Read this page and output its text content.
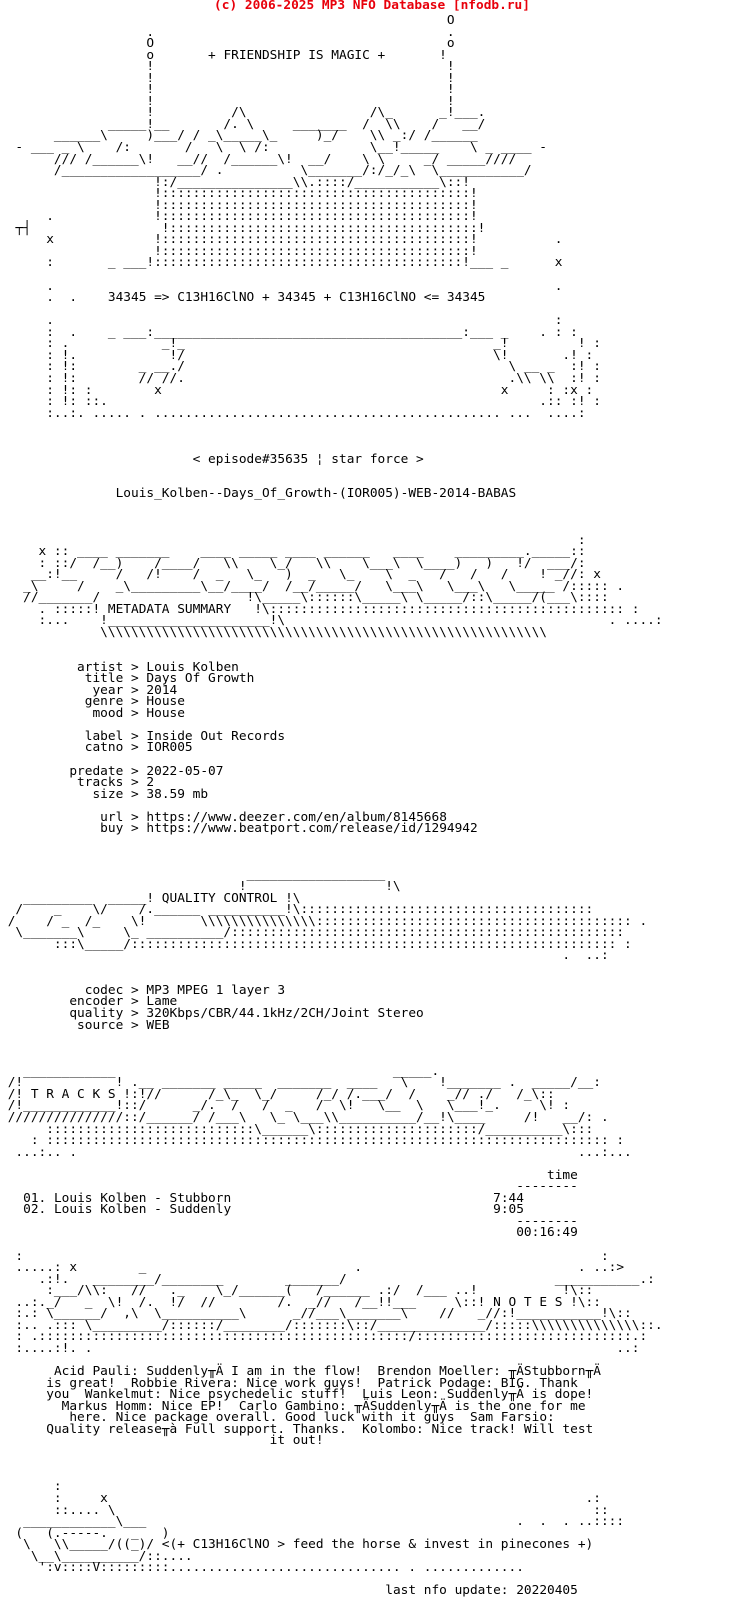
(c) 2006-2025 MP3 NFO Database [nfodb.ru]
O
.                                      .
O                                      o
o       + FRIENDSHIP IS MAGIC +       !
!                                      !
!                                      !
!                                      !
!                                      !
!          /\                /\_      _!___.
_____!__       /. \     _______  /  \\    /   __/
______\     )___/ / _\_____\_     )_/    \\ _:/ /______
- ___ _ \    /:       /   \  \ /:             \__!_____    \ _ ____ -
/// /______\!   __//  /______\!  __/    \ \     _/ _____////
/__________________/ .          \_______/:/_/_\  \___________/
!:/_______________\\.::::/___________\::!
!::::::::::::::::::::::::::::::::::::::::!
!::::::::::::::::::::::::::::::::::::::::!
.             !::::::::::::::::::::::::::::::::::::::::!
┬┤                 !::::::::::::::::::::::::::::::::::::::::!
x             !::::::::::::::::::::::::::::::::::::::::!          .
!::::::::::::::::::::::::::::::::::::::::!
:       _ ___!::::::::::::::::::::::::::::::::::::::::!___ _      x

.                                                                 .
.  .    34345 => C13H16ClNO + 34345 + C13H16ClNO <= 34345

.                                                                 :
:  .    _ ___:________________________________________:___ _    . : :
: .            _!_                                        _!         ! :
: !.            !/                                        \!       .! :
: !:        _ __./                                          \ __ _  :! :
: !:        // //.                                          .\\ \\  :! :
: !: :        x                                            x     : :x :
: !: ::.                                                        .:: :! :
:..:. ..... . ............................................. ...  ....:

< episode#35635 ¦ star force >

Louis_Kolben--Days_Of_Growth-(IOR005)-WEB-2014-BABAS

:
x :: ____ _______    ____ _____ ____ ______   ____    _________._____::
: ::/  /__)    /____/   \\    \_/   \\    \___\  \____)   )   !/  ___/:
__:!__     /   /!    /  _   \_   )  _   \_    \  _   /   /   /    ! _//: x
_\     /    _\_________\__/____/  /__/_____/   \___\   \___\   \_____ /::::: .
//_______/                   !\_____\::::::\_____\ \_____/::\_____/(___\::::
. :::::! METADATA SUMMARY   !\:::::::::::::::::::::::::::::::::::::::::::::: :
:...    !_____________________!\                                          . ....:
\\\\\\\\\\\\\\\\\\\\\\\\\\\\\\\\\\\\\\\\\\\\\\\\\\\\\\\\\\

artist > Louis Kolben
title > Days Of Growth
year > 2014
genre > House
mood > House

label > Inside Out Records
catno > IOR005

predate > 2022-05-07
tracks > 2
size > 38.59 mb

url > https://www.deezer.com/en/album/8145668
buy > https://www.beatport.com/release/id/1294942

__________________
!                  !\
_________  _____! QUALITY CONTROL !\
/    _    \/    /.______ __________!\::::::::::::::::::::::::::::::::::::::
/    / _  /_    \!       \\\\\\\\\\\\\\\::::::::::::::::::::::::::::::::::::::::: .
\_______\     \_ __________/:::::::::::::::::::::::::::::::::::::::::::::::::::
:::\_____/::::::::::::::::::::::::::::::::::::::::::::::::::::::::::::::: :
.  ..:

codec > MP3 MPEG 1 layer 3
encoder > Lame
quality > 320Kbps/CBR/44.1kHz/2CH/Joint Stereo
source > WEB

____________                                    _____.
/!            ! .__ _______ _____  _______  ____   \    !_______ .  _____/__:
/! T R A C K S !:!//      /_\_  \_/     /_/ /.___/  /    _// ./   /_\::
/!____________!::/      _/.  /   /  _   /  \!   \__  \   \___!_.     \! :
///////////////::/______/ /___\   \_ \___\\__________/__!\____     /!   __/: .
:::::::::::::::::::::::::::\______\:::::::::::::::::::::/__________\:::
: ::::::::::::::::::::::::::::::::::::::::::::::::::::::::::::::::::::::::: :
...:.. .                                                                 ...:...

time
--------
01. Louis Kolben - Stubborn	7:44
02. Louis Kolben - Suddenly	9:05
--------
00:16:49

:                                                                           :
.....: x        _                           .                            . ..:>
.:!.   ________/________        _______/                           ___________.:
:___/\\:   //   ._    \_/______(   /______ .:/  /___ ..!           !\::
..:._/   _  \!  /.  !/  //        /.  _//   /__!!___     \::! N O T E S !\::
:.: \______/  ,\  \__________\      _//___\_______\    //   _//:!___________!\::
:.. .::: \_________/::::::/________/:::::::\::/______________/:::::\\\\\\\\\\\\\\::.
: .::::::::::::::::::::::::::::::::::::::::::::::::/::::::::::::::::::::::::::::.:
:....:!. .                                                                    ..:

Acid Pauli: Suddenly╥Ä I am in the flow!  Brendon Moeller: ╥ÄStubborn╥Ä
is great!  Robbie Rivera: Nice work guys!  Patrick Podage: BIG. Thank
you  Wankelmut: Nice psychedelic stuff!  Luis Leon: Suddenly╥Ä is dope!
Markus Homm: Nice EP!  Carlo Gambino: ╥ÄSuddenly╥Ä is the one for me
here. Nice package overall. Good luck with it guys  Sam Farsio:
Quality release╥à Full support. Thanks.  Kolombo: Nice track! Will test
it out!

:
:     x                                                              .:
::.... \                                                              ::
____________\___                                                .  .  . ..::::
(   (.-----.   _   )
\   \\_____/((_)/ <(+ C13H16ClNO > feed the horse & invest in pinecones +)
\__\__________/::....
':v::::V:::::::::.............................. . .............

last nfo update: 20220405
